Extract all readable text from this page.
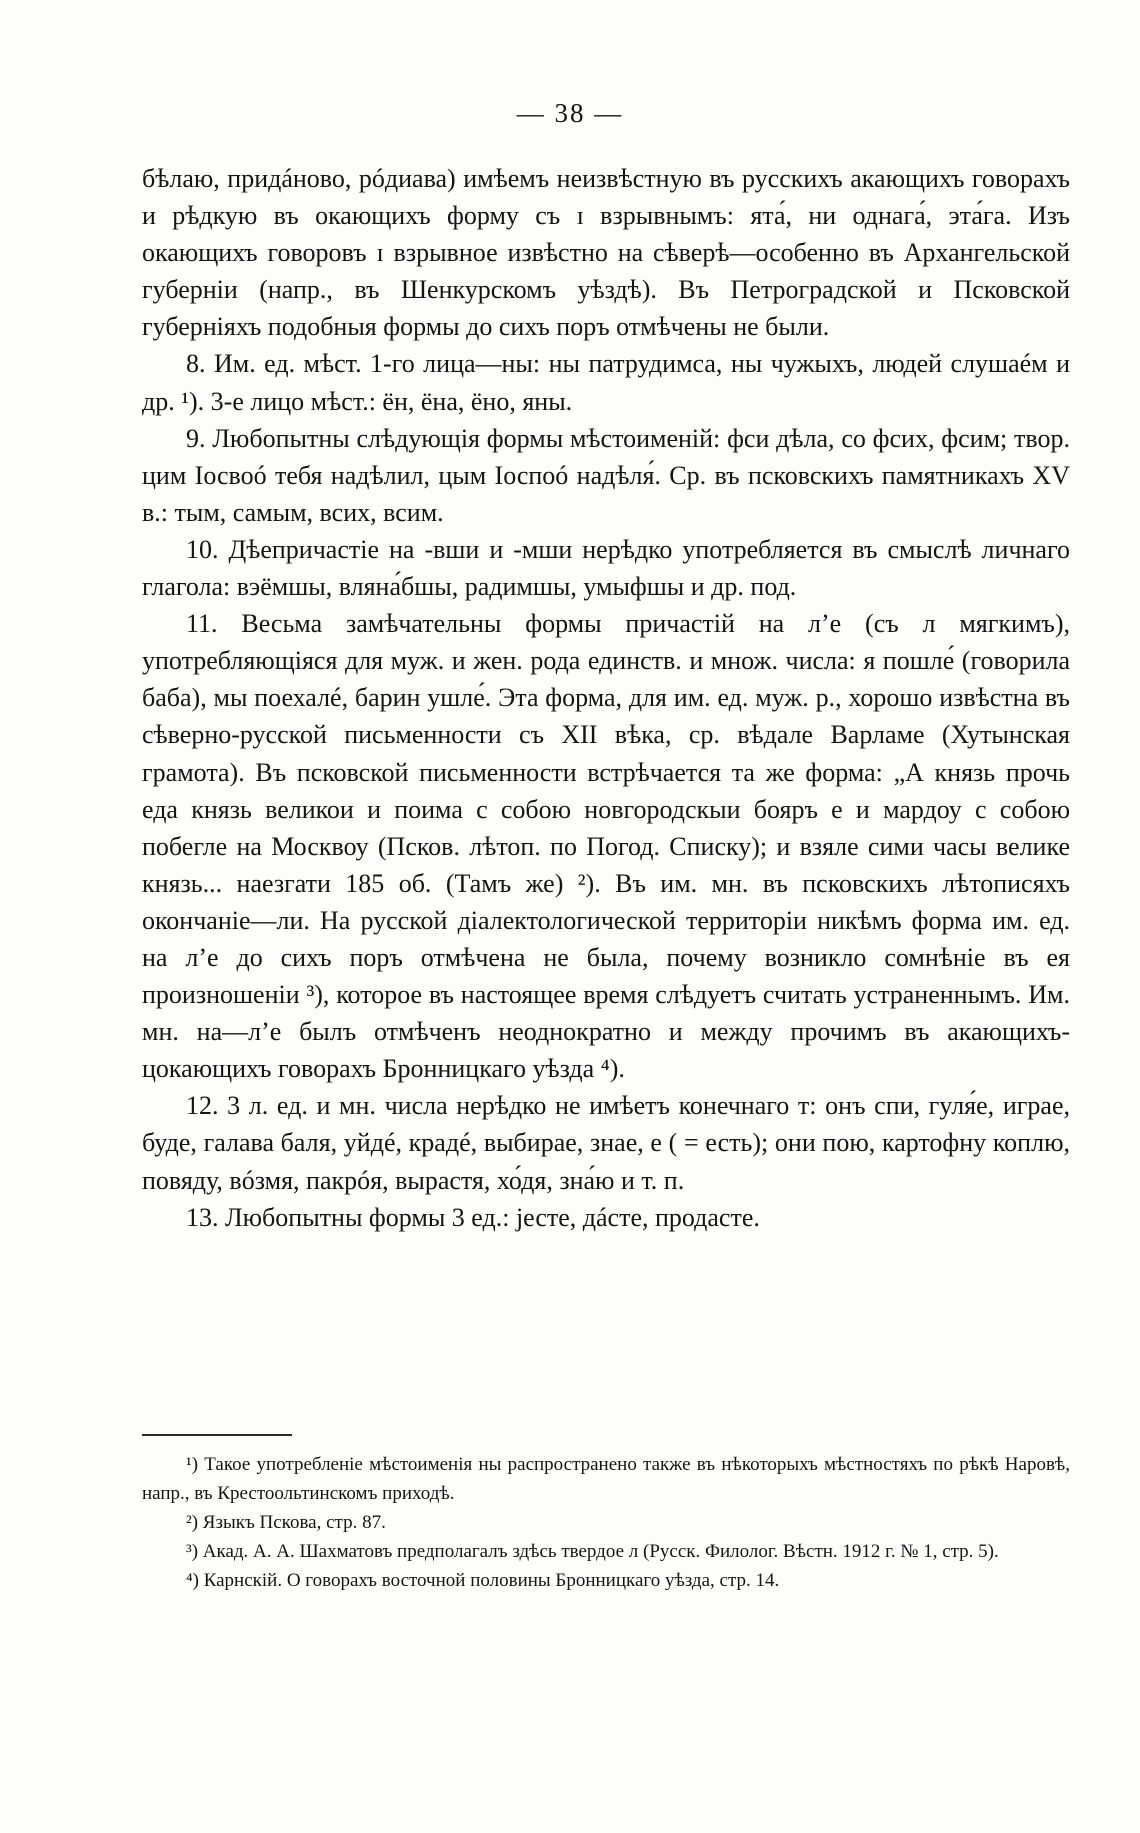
— 38 —

бѣлаю, придáново, рóдиава) имѣемъ неизвѣстную въ русскихъ акающихъ говорахъ и рѣдкую въ окающихъ форму съ ɪ взрывнымъ: ята́, ни однага́, эта́га. Изъ окающихъ говоровъ ɪ взрывное извѣстно на сѣверѣ—особенно въ Архангельской губерніи (напр., въ Шенкурскомъ уѣздѣ). Въ Петроградской и Псковской губерніяхъ подобныя формы до сихъ поръ отмѣчены не были.

8. Им. ед. мѣст. 1-го лица—ны: ны патрудимса, ны чужыхъ, людей слушаéм и др. ¹). 3-е лицо мѣст.: ён, ёна, ёно, яны.

9. Любопытны слѣдующія формы мѣстоименій: фси дѣла, со фсих, фсим; твор. цим Іосвоó тебя надѣлил, цым Іоспоó надѣля́. Ср. въ псковскихъ памятникахъ XV в.: тым, самым, всих, всим.

10. Дѣепричастіе на -вши и -мши нерѣдко употребляется въ смыслѣ личнаго глагола: вэёмшы, вляна́бшы, радимшы, умыфшы и др. под.

11. Весьма замѣчательны формы причастій на л’е (съ л мягкимъ), употребляющіяся для муж. и жен. рода единств. и множ. числа: я пошле́ (говорила баба), мы поехалé, барин ушле́. Эта форма, для им. ед. муж. р., хорошо извѣстна въ сѣверно-русской письменности съ XII вѣка, ср. вѣдале Варламе (Хутынская грамота). Въ псковской письменности встрѣчается та же форма: „А князь прочь еда князь великои и поима с собою новгородскыи бояръ е и мардоу с собою побегле на Москвоу (Псков. лѣтоп. по Погод. Спиcку); и взяле сими часы велике князь... наезгати 185 об. (Тамъ же) ²). Въ им. мн. въ псковскихъ лѣтописяхъ окончаніе—ли. На русской діалектологической территоріи никѣмъ форма им. ед. на л’е до сихъ поръ отмѣчена не была, почему возникло сомнѣніе въ ея произношеніи ³), которое въ настоящее время слѣдуетъ считать устраненнымъ. Им. мн. на—л’е былъ отмѣченъ неоднократно и между прочимъ въ акающихъ-цокающихъ говорахъ Бронницкаго уѣзда ⁴).

12. 3 л. ед. и мн. числа нерѣдко не имѣетъ конечнаго т: онъ спи, гуля́е, играе, буде, галава баля, уйдé, крадé, выбирае, знае, е ( = есть); они пою, картофну коплю, повяду, вóзмя, пакрóя, вырастя, хо́дя, зна́ю и т. п.

13. Любопытны формы 3 ед.: јесте, дáсте, продасте.

¹) Такое употребленіе мѣстоименія ны распространено также въ нѣкоторыхъ мѣстностяхъ по рѣкѣ Наровѣ, напр., въ Крестоольтинскомъ приходѣ.

²) Языкъ Пскова, стр. 87.

³) Акад. А. А. Шахматовъ предполагалъ здѣсь твердое л (Русск. Филолог. Вѣстн. 1912 г. № 1, стр. 5).

⁴) Карнскій. О говорахъ восточной половины Бронницкаго уѣзда, стр. 14.
